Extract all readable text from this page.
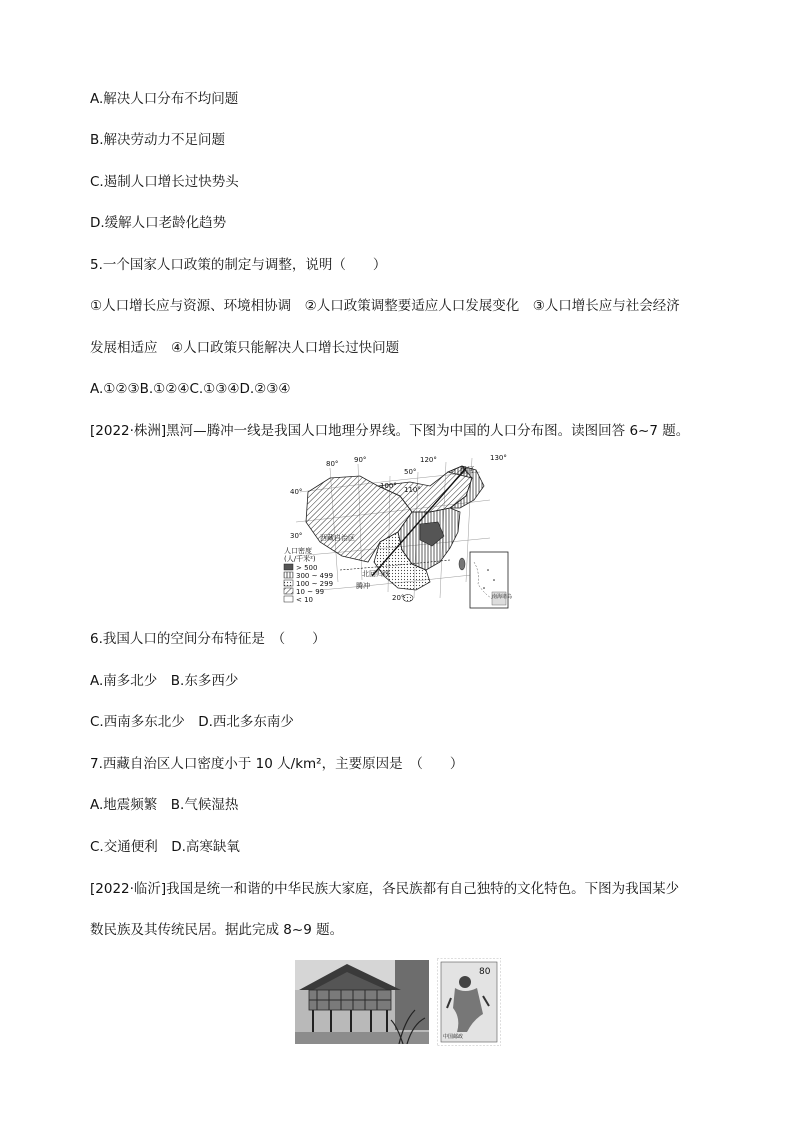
A.解决人口分布不均问题
B.解决劳动力不足问题
C.遏制人口增长过快势头
D.缓解人口老龄化趋势
5.一个国家人口政策的制定与调整，说明（　　）
①人口增长应与资源、环境相协调　②人口政策调整要适应人口发展变化　③人口增长应与社会经济
发展相适应　④人口政策只能解决人口增长过快问题
A.①②③B.①②④C.①③④D.②③④
[2022·株洲]黑河—腾冲一线是我国人口地理分界线。下图为中国的人口分布图。读图回答 6~7 题。
80° 90°
100° 110°
120°	130°
50°
40°
30°
20°
黑河
西藏自治区
北回归线
腾冲
人口密度
(人/千米²)
> 500
300 ~ 499
100 ~ 299
10 ~ 99
< 10	南海诸岛
6.我国人口的空间分布特征是　（　　）
A.南多北少　B.东多西少
C.西南多东北少　D.西北多东南少
7.西藏自治区人口密度小于 10 人/km²，主要原因是　（　　）
A.地震频繁　B.气候湿热
C.交通便利　D.高寒缺氧
[2022·临沂]我国是统一和谐的中华民族大家庭，各民族都有自己独特的文化特色。下图为我国某少
数民族及其传统民居。据此完成 8~9 题。
80
中国邮政
